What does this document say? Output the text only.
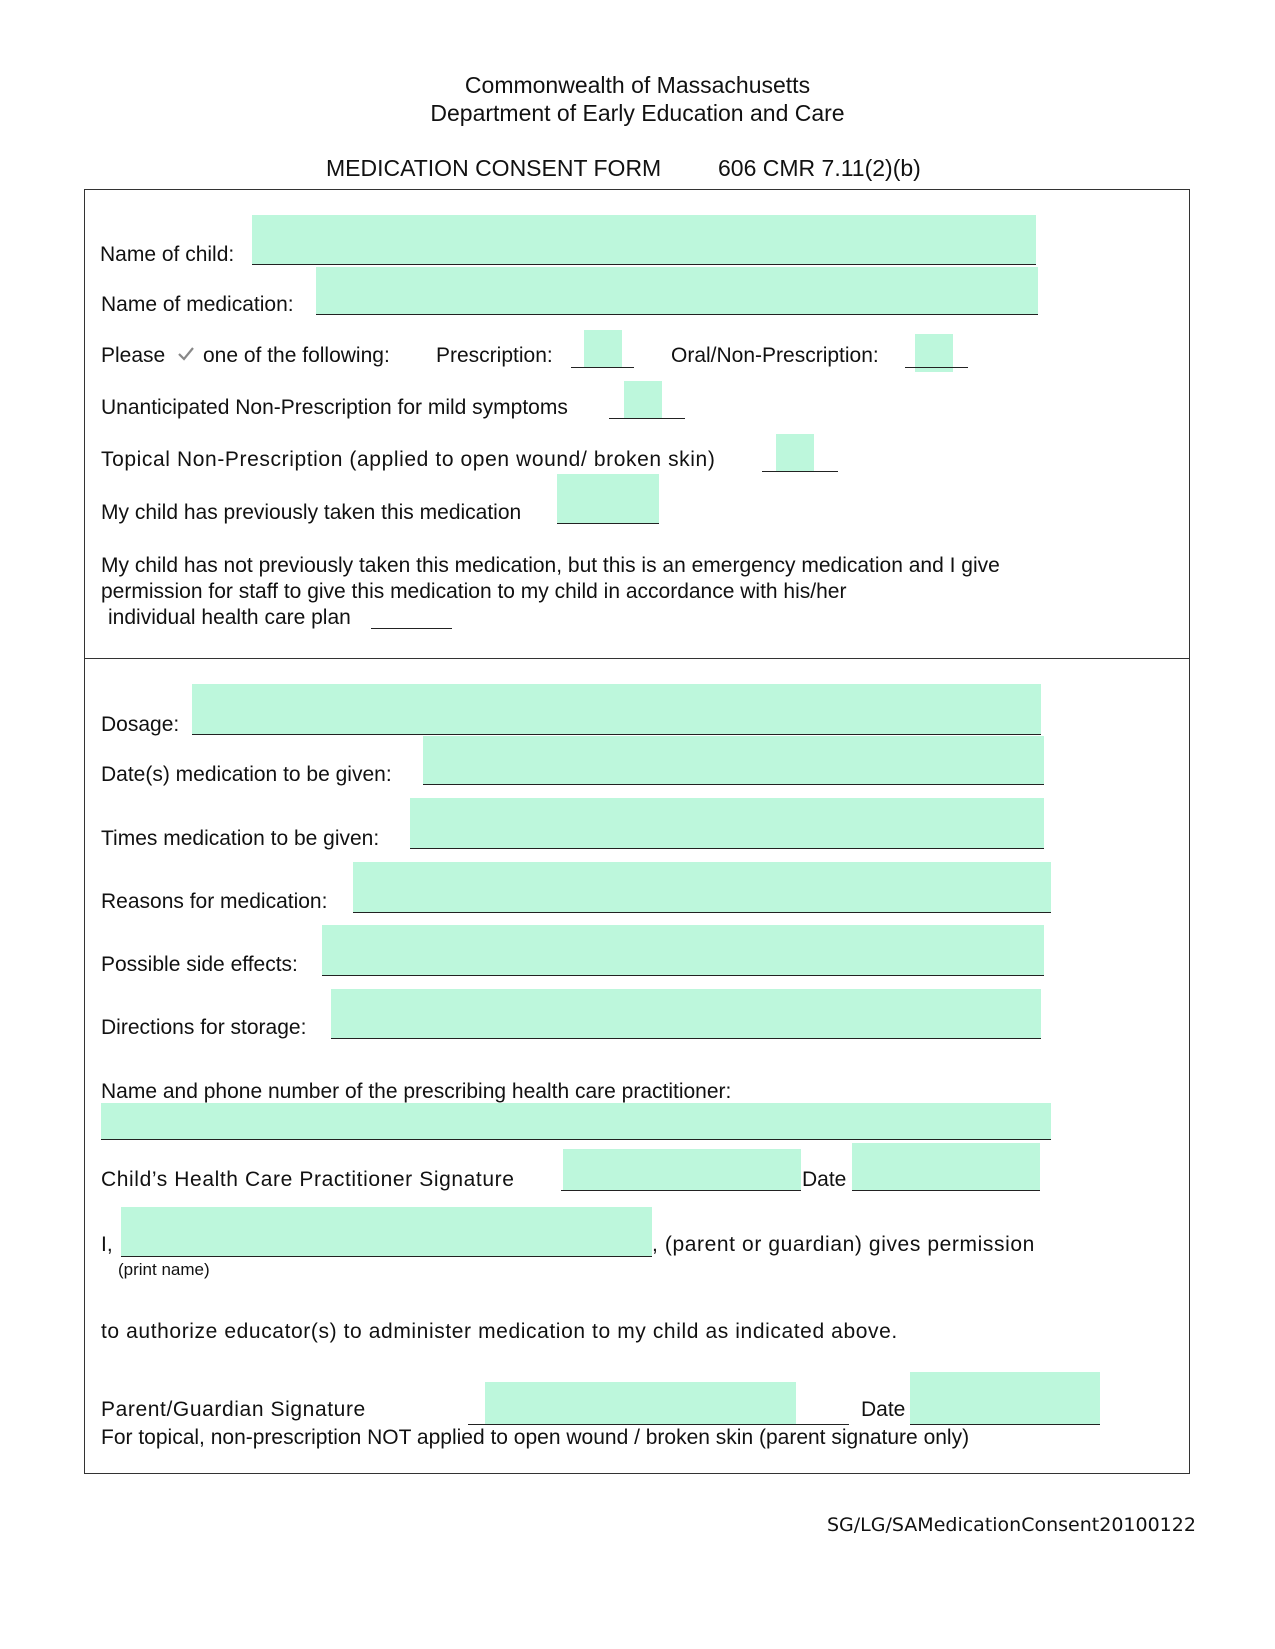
Commonwealth of Massachusetts
Department of Early Education and Care
MEDICATION CONSENT FORM 606 CMR 7.11(2)(b)
Name of child:
Name of medication:
Please one of the following: Prescription:	Oral/Non-Prescription:
Unanticipated Non-Prescription for mild symptoms
Topical Non-Prescription (applied to open wound/ broken skin)
My child has previously taken this medication
My child has not previously taken this medication, but this is an emergency medication and I give
permission for staff to give this medication to my child in accordance with his/her
individual health care plan
Dosage:
Date(s) medication to be given:
Times medication to be given:
Reasons for medication:
Possible side effects:
Directions for storage:
Name and phone number of the prescribing health care practitioner:
Child’s Health Care Practitioner Signature	Date
I,	, (parent or guardian) gives permission
(print name)
to authorize educator(s) to administer medication to my child as indicated above.
Parent/Guardian Signature	Date
For topical, non-prescription NOT applied to open wound / broken skin (parent signature only)
SG/LG/SAMedicationConsent20100122
